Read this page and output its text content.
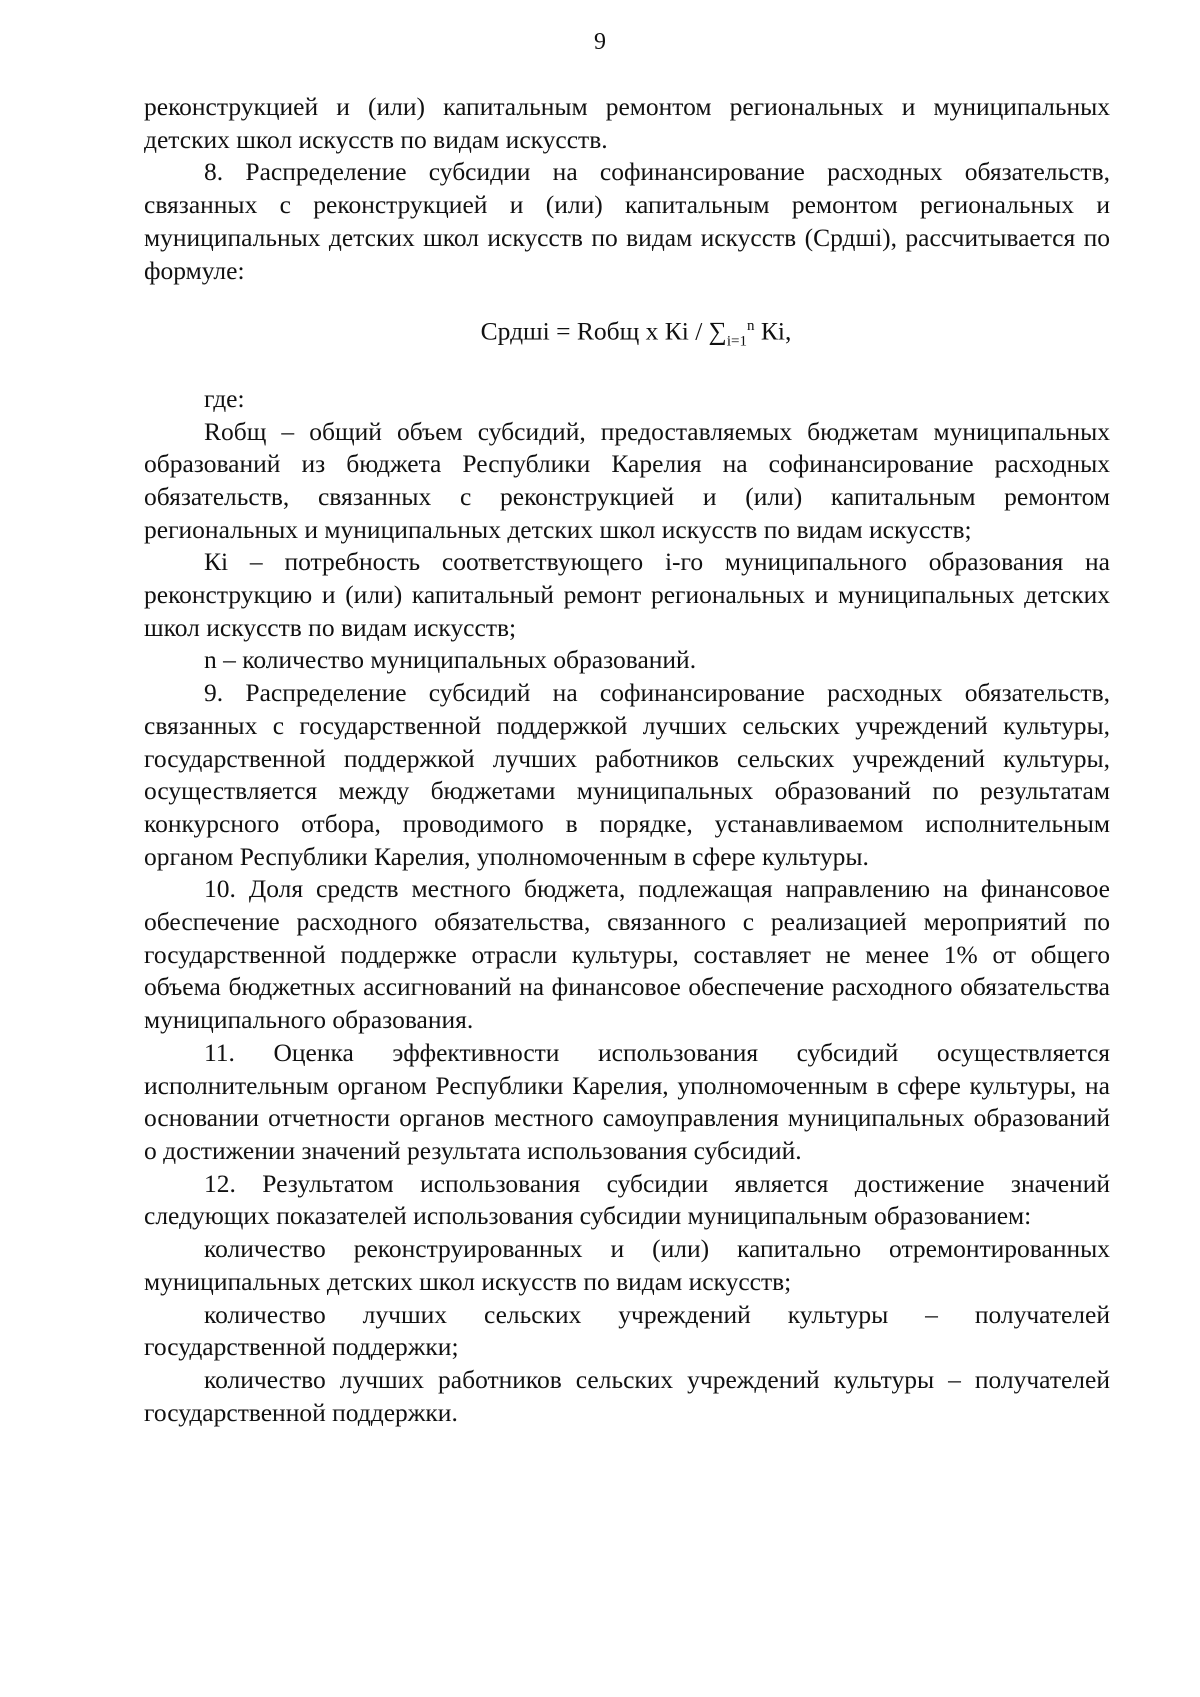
9

реконструкцией и (или) капитальным ремонтом региональных и муниципальных детских школ искусств по видам искусств.

8. Распределение субсидии на софинансирование расходных обязательств, связанных с реконструкцией и (или) капитальным ремонтом региональных и муниципальных детских школ искусств по видам искусств (Срдшi), рассчитывается по формуле:

Срдшi = Rобщ х Кi / $\sum_{i=1}^n$ Кi,

где:

Rобщ – общий объем субсидий, предоставляемых бюджетам муниципальных образований из бюджета Республики Карелия на софинансирование расходных обязательств, связанных с реконструкцией и (или) капитальным ремонтом региональных и муниципальных детских школ искусств по видам искусств;

Кi – потребность соответствующего i-го муниципального образования на реконструкцию и (или) капитальный ремонт региональных и муниципальных детских школ искусств по видам искусств;

n – количество муниципальных образований.

9. Распределение субсидий на софинансирование расходных обязательств, связанных с государственной поддержкой лучших сельских учреждений культуры, государственной поддержкой лучших работников сельских учреждений культуры, осуществляется между бюджетами муниципальных образований по результатам конкурсного отбора, проводимого в порядке, устанавливаемом исполнительным органом Республики Карелия, уполномоченным в сфере культуры.

10. Доля средств местного бюджета, подлежащая направлению на финансовое обеспечение расходного обязательства, связанного с реализацией мероприятий по государственной поддержке отрасли культуры, составляет не менее 1% от общего объема бюджетных ассигнований на финансовое обеспечение расходного обязательства муниципального образования.

11. Оценка эффективности использования субсидий осуществляется исполнительным органом Республики Карелия, уполномоченным в сфере культуры, на основании отчетности органов местного самоуправления муниципальных образований о достижении значений результата использования субсидий.

12. Результатом использования субсидии является достижение значений следующих показателей использования субсидии муниципальным образованием:

количество реконструированных и (или) капитально отремонтированных муниципальных детских школ искусств по видам искусств;

количество лучших сельских учреждений культуры – получателей государственной поддержки;

количество лучших работников сельских учреждений культуры – получателей государственной поддержки.
